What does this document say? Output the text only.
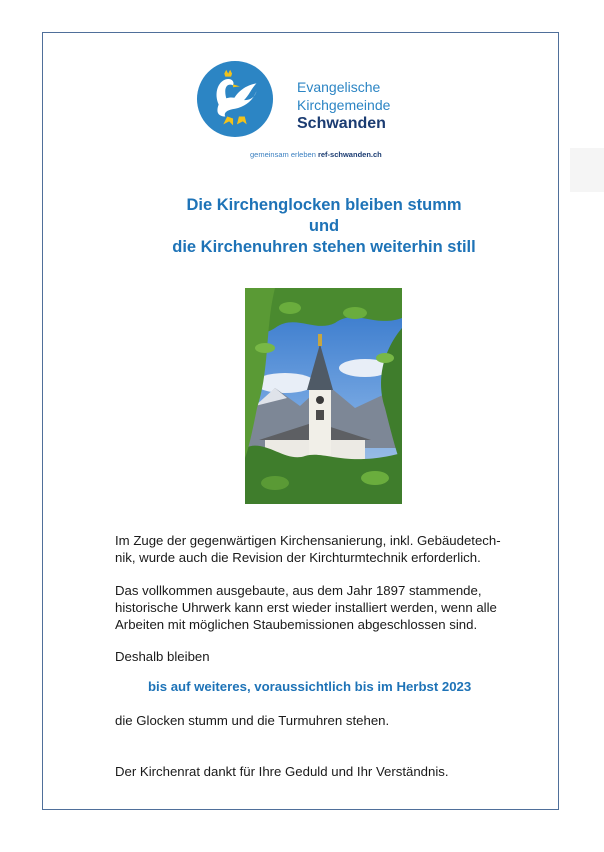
Evangelische
Kirchgemeinde
Schwanden
gemeinsam erleben ref-schwanden.ch
Die Kirchenglocken bleiben stumm
und
die Kirchenuhren stehen weiterhin still
Im Zuge der gegenwärtigen Kirchensanierung, inkl. Gebäudetech-
nik, wurde auch die Revision der Kirchturmtechnik erforderlich.
Das vollkommen ausgebaute, aus dem Jahr 1897 stammende,
historische Uhrwerk kann erst wieder installiert werden, wenn alle
Arbeiten mit möglichen Staubemissionen abgeschlossen sind.
Deshalb bleiben
bis auf weiteres, voraussichtlich bis im Herbst 2023
die Glocken stumm und die Turmuhren stehen.
Der Kirchenrat dankt für Ihre Geduld und Ihr Verständnis.
